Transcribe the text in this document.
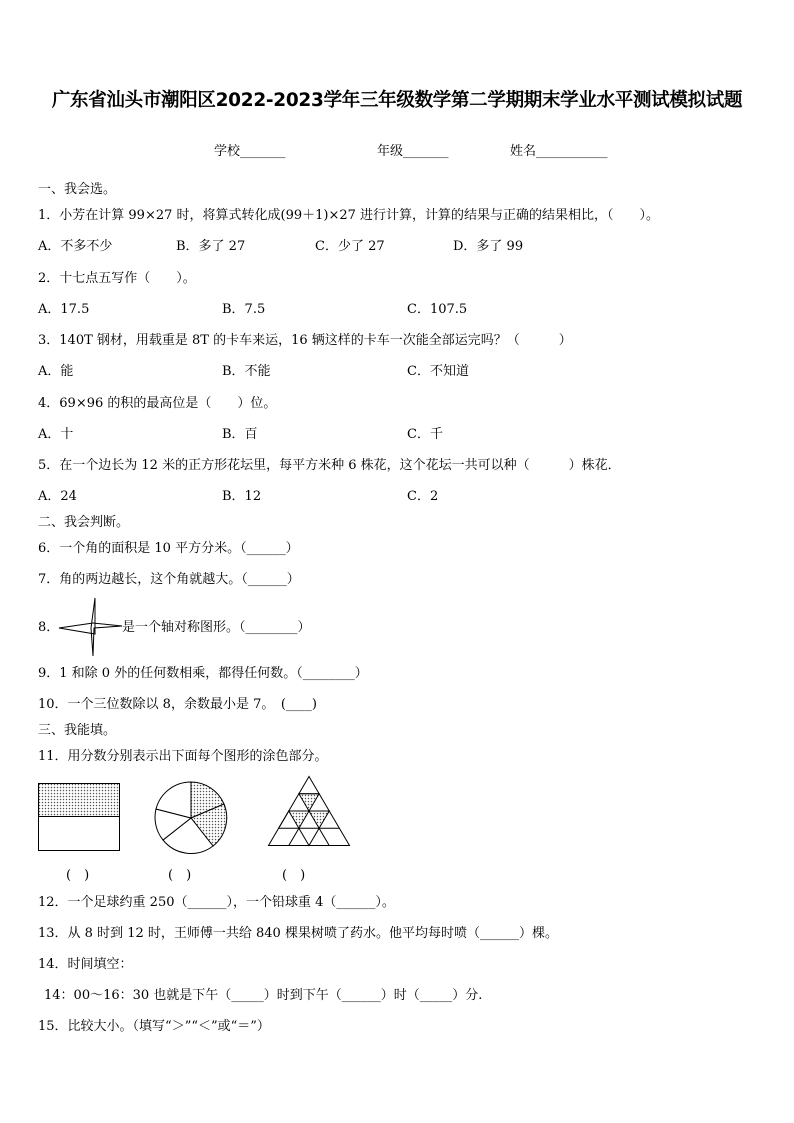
广东省汕头市潮阳区2022-2023学年三年级数学第二学期期末学业水平测试模拟试题
学校_______	年级_______	姓名___________
一、我会选。
1．小芳在计算 99×27 时，将算式转化成(99＋1)×27 进行计算，计算的结果与正确的结果相比，（　　）。
A．不多不少	B．多了 27	C．少了 27	D．多了 99
2．十七点五写作（　　）。
A．17.5	B．7.5	C．107.5
3．140T 钢材，用载重是 8T 的卡车来运，16 辆这样的卡车一次能全部运完吗？（　　　）
A．能	B．不能	C．不知道
4．69×96 的积的最高位是（　　）位。
A．十	B．百	C．千
5．在一个边长为 12 米的正方形花坛里，每平方米种 6 株花，这个花坛一共可以种（　　　）株花．
A．24	B．12	C．2
二、我会判断。
6．一个角的面积是 10 平方分米。（______）
7．角的两边越长，这个角就越大。（______）
8．	是一个轴对称图形。（________）
9．1 和除 0 外的任何数相乘，都得任何数。（________）
10．一个三位数除以 8，余数最小是 7。　(____)
三、我能填。
11．用分数分别表示出下面每个图形的涂色部分。
(　)	(　)	(　)
12．一个足球约重 250（______），一个铅球重 4（______）。
13．从 8 时到 12 时，王师傅一共给 840 棵果树喷了药水。他平均每时喷（______）棵。
14．时间填空：
14：00～16：30 也就是下午（_____）时到下午（______）时（_____）分.
15．比较大小。（填写“＞”“＜”或“＝”）
